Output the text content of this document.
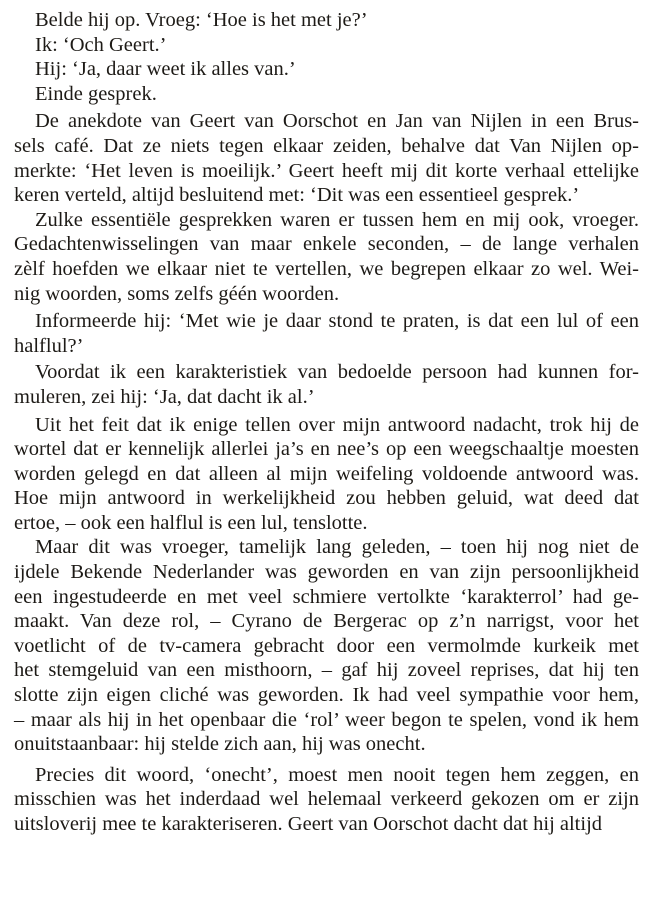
Belde hij op. Vroeg: ‘Hoe is het met je?’
Ik: ‘Och Geert.’
Hij: ‘Ja, daar weet ik alles van.’
Einde gesprek.
De anekdote van Geert van Oorschot en Jan van Nijlen in een Brus-
sels café. Dat ze niets tegen elkaar zeiden, behalve dat Van Nijlen op-
merkte: ‘Het leven is moeilijk.’ Geert heeft mij dit korte verhaal ettelijke
keren verteld, altijd besluitend met: ‘Dit was een essentieel gesprek.’
Zulke essentiële gesprekken waren er tussen hem en mij ook, vroeger.
Gedachtenwisselingen van maar enkele seconden, – de lange verhalen
zèlf hoefden we elkaar niet te vertellen, we begrepen elkaar zo wel. Wei-
nig woorden, soms zelfs géén woorden.
Informeerde hij: ‘Met wie je daar stond te praten, is dat een lul of een
halflul?’
Voordat ik een karakteristiek van bedoelde persoon had kunnen for-
muleren, zei hij: ‘Ja, dat dacht ik al.’
Uit het feit dat ik enige tellen over mijn antwoord nadacht, trok hij de
wortel dat er kennelijk allerlei ja’s en nee’s op een weegschaaltje moesten
worden gelegd en dat alleen al mijn weifeling voldoende antwoord was.
Hoe mijn antwoord in werkelijkheid zou hebben geluid, wat deed dat
ertoe, – ook een halflul is een lul, tenslotte.
Maar dit was vroeger, tamelijk lang geleden, – toen hij nog niet de
ijdele Bekende Nederlander was geworden en van zijn persoonlijkheid
een ingestudeerde en met veel schmiere vertolkte ‘karakterrol’ had ge-
maakt. Van deze rol, – Cyrano de Bergerac op z’n narrigst, voor het
voetlicht of de tv-camera gebracht door een vermolmde kurkeik met
het stemgeluid van een misthoorn, – gaf hij zoveel reprises, dat hij ten
slotte zijn eigen cliché was geworden. Ik had veel sympathie voor hem,
– maar als hij in het openbaar die ‘rol’ weer begon te spelen, vond ik hem
onuitstaanbaar: hij stelde zich aan, hij was onecht.
Precies dit woord, ‘onecht’, moest men nooit tegen hem zeggen, en
misschien was het inderdaad wel helemaal verkeerd gekozen om er zijn
uitsloverij mee te karakteriseren. Geert van Oorschot dacht dat hij altijd
